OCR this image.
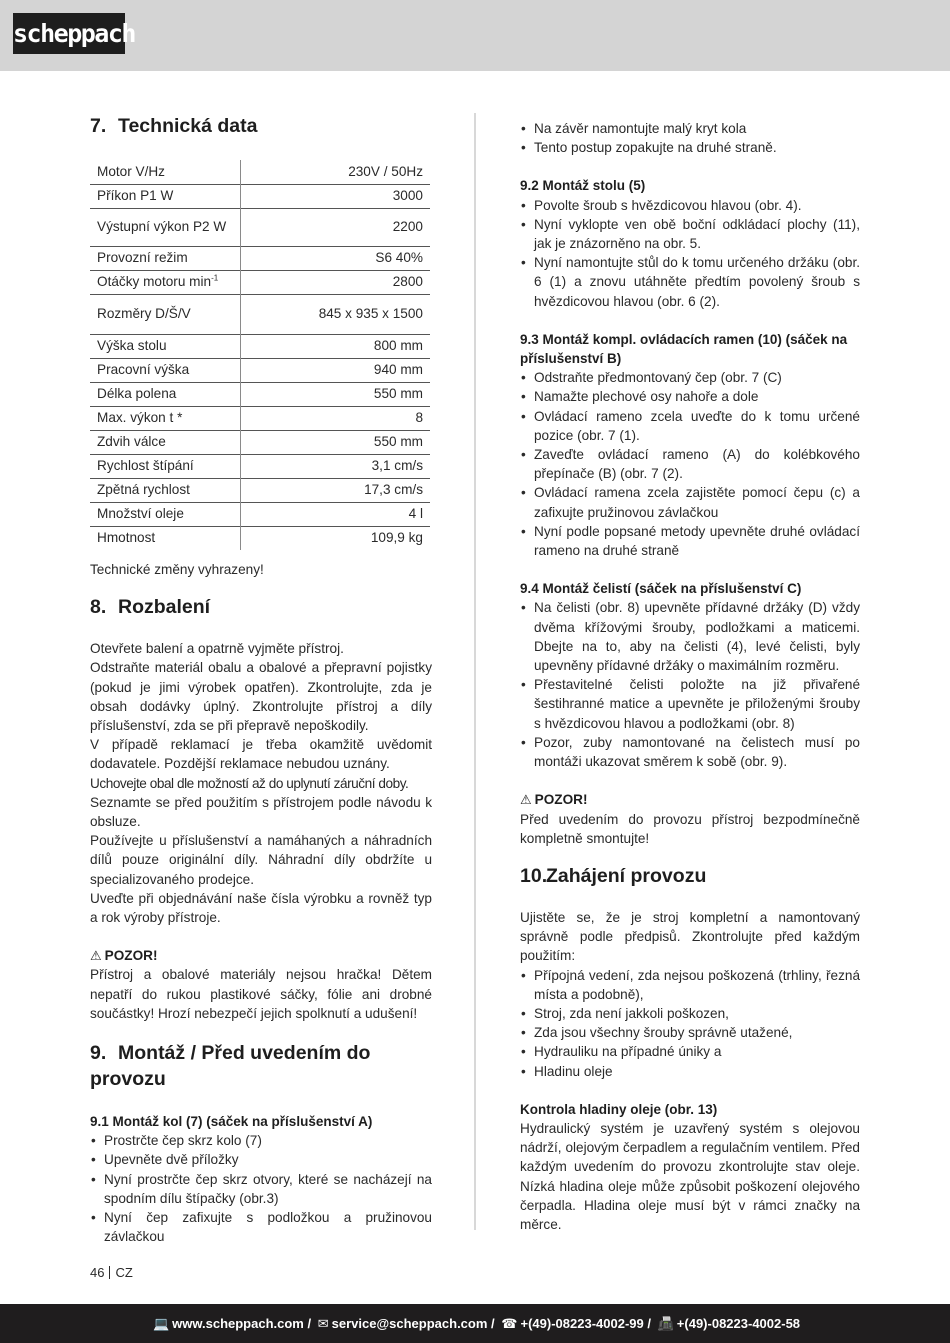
scheppach
7. Technická data
Motor V/Hz	230V / 50Hz
Příkon P1 W	3000
Výstupní výkon P2 W	2200
Provozní režim	S6 40%
Otáčky motoru $\min^{-1}$	2800
Rozměry D/Š/V	845 x 935 x 1500
Výška stolu	800 mm
Pracovní výška	940 mm
Délka polena	550 mm
Max. výkon t *	8
Zdvih válce	550 mm
Rychlost štípání	3,1 cm/s
Zpětná rychlost	17,3 cm/s
Množství oleje	4 l
Hmotnost	109,9 kg

Technické změny vyhrazeny!

8. Rozbalení

Otevřete balení a opatrně vyjměte přístroj.

Odstraňte materiál obalu a obalové a přepravní pojistky (pokud je jimi výrobek opatřen). Zkontrolujte, zda je obsah dodávky úplný. Zkontrolujte přístroj a díly příslušenství, zda se při přepravě nepoškodily.

V případě reklamací je třeba okamžitě uvědomit dodavatele. Pozdější reklamace nebudou uznány.

Uchovejte obal dle možností až do uplynutí záruční doby.

Seznamte se před použitím s přístrojem podle návodu k obsluze.

Používejte u příslušenství a namáhaných a náhradních dílů pouze originální díly. Náhradní díly obdržíte u specializovaného prodejce.

Uveďte při objednávání naše čísla výrobku a rovněž typ a rok výroby přístroje.

⚠ POZOR!

Přístroj a obalové materiály nejsou hračka! Dětem nepatří do rukou plastikové sáčky, fólie ani drobné součástky! Hrozí nebezpečí jejich spolknutí a udušení!

9. Montáž / Před uvedením do provozu
9.1 Montáž kol (7) (sáček na příslušenství A)
• Prostrčte čep skrz kolo (7)
• Upevněte dvě příložky
• Nyní prostrčte čep skrz otvory, které se nacházejí na spodním dílu štípačky (obr.3)
• Nyní čep zafixujte s podložkou a pružinovou závlačkou
• Na závěr namontujte malý kryt kola
• Tento postup zopakujte na druhé straně.
9.2 Montáž stolu (5)
• Povolte šroub s hvězdicovou hlavou (obr. 4).
• Nyní vyklopte ven obě boční odkládací plochy (11), jak je znázorněno na obr. 5.
• Nyní namontujte stůl do k tomu určeného držáku (obr. 6 (1) a znovu utáhněte předtím povolený šroub s hvězdicovou hlavou (obr. 6 (2).
9.3 Montáž kompl. ovládacích ramen (10) (sáček na příslušenství B)
• Odstraňte předmontovaný čep (obr. 7 (C)
• Namažte plechové osy nahoře a dole
• Ovládací rameno zcela uveďte do k tomu určené pozice (obr. 7 (1).
• Zaveďte ovládací rameno (A) do kolébkového přepínače (B) (obr. 7 (2).
• Ovládací ramena zcela zajistěte pomocí čepu (c) a zafixujte pružinovou závlačkou
• Nyní podle popsané metody upevněte druhé ovládací rameno na druhé straně
9.4 Montáž čelistí (sáček na příslušenství C)
• Na čelisti (obr. 8) upevněte přídavné držáky (D) vždy dvěma křížovými šrouby, podložkami a maticemi. Dbejte na to, aby na čelisti (4), levé čelisti, byly upevněny přídavné držáky o maximálním rozměru.
• Přestavitelné čelisti položte na již přivařené šestihranné matice a upevněte je přiloženými šrouby s hvězdicovou hlavou a podložkami (obr. 8)
• Pozor, zuby namontované na čelistech musí po montáži ukazovat směrem k sobě (obr. 9).
⚠ POZOR!

Před uvedením do provozu přístroj bezpodmínečně kompletně smontujte!

10.Zahájení provozu

Ujistěte se, že je stroj kompletní a namontovaný správně podle předpisů. Zkontrolujte před každým použitím:

• Přípojná vedení, zda nejsou poškozená (trhliny, řezná místa a podobně),
• Stroj, zda není jakkoli poškozen,
• Zda jsou všechny šrouby správně utažené,
• Hydrauliku na případné úniky a
• Hladinu oleje
Kontrola hladiny oleje (obr. 13)

Hydraulický systém je uzavřený systém s olejovou nádrží, olejovým čerpadlem a regulačním ventilem. Před každým uvedením do provozu zkontrolujte stav oleje. Nízká hladina oleje může způsobit poškození olejového čerpadla. Hladina oleje musí být v rámci značky na měrce.

46 CZ
💻 www.scheppach.com / ✉ service@scheppach.com / ☎ +(49)-08223-4002-99 / 📠 +(49)-08223-4002-58
